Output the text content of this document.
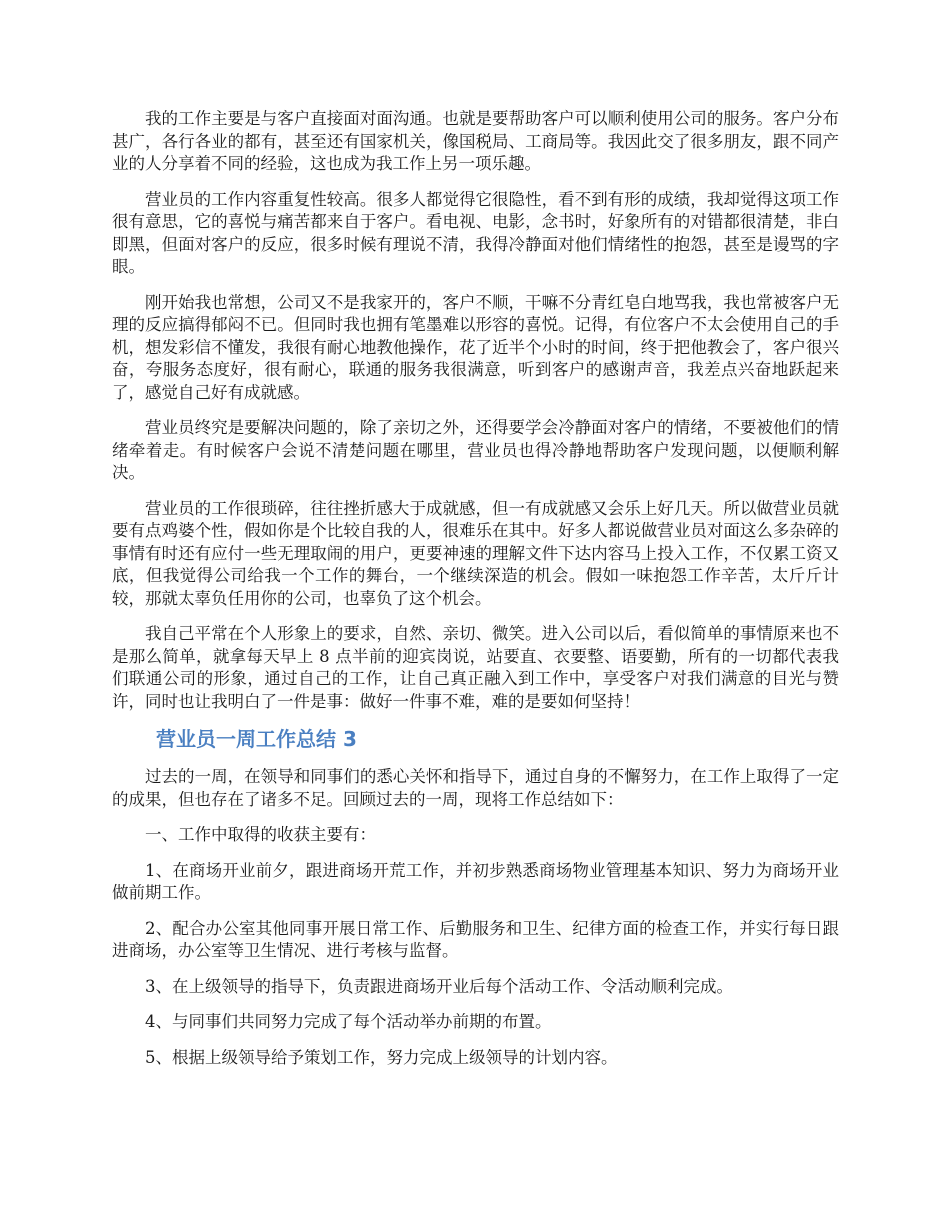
我的工作主要是与客户直接面对面沟通。也就是要帮助客户可以顺利使用公司的服务。客户分布甚广，各行各业的都有，甚至还有国家机关，像国税局、工商局等。我因此交了很多朋友，跟不同产业的人分享着不同的经验，这也成为我工作上另一项乐趣。

营业员的工作内容重复性较高。很多人都觉得它很隐性，看不到有形的成绩，我却觉得这项工作很有意思，它的喜悦与痛苦都来自于客户。看电视、电影，念书时，好象所有的对错都很清楚，非白即黑，但面对客户的反应，很多时候有理说不清，我得冷静面对他们情绪性的抱怨，甚至是谩骂的字眼。

刚开始我也常想，公司又不是我家开的，客户不顺，干嘛不分青红皂白地骂我，我也常被客户无理的反应搞得郁闷不已。但同时我也拥有笔墨难以形容的喜悦。记得，有位客户不太会使用自己的手机，想发彩信不懂发，我很有耐心地教他操作，花了近半个小时的时间，终于把他教会了，客户很兴奋，夸服务态度好，很有耐心，联通的服务我很满意，听到客户的感谢声音，我差点兴奋地跃起来了，感觉自己好有成就感。

营业员终究是要解决问题的，除了亲切之外，还得要学会冷静面对客户的情绪，不要被他们的情绪牵着走。有时候客户会说不清楚问题在哪里，营业员也得冷静地帮助客户发现问题，以便顺利解决。

营业员的工作很琐碎，往往挫折感大于成就感，但一有成就感又会乐上好几天。所以做营业员就要有点鸡婆个性，假如你是个比较自我的人，很难乐在其中。好多人都说做营业员对面这么多杂碎的事情有时还有应付一些无理取闹的用户，更要神速的理解文件下达内容马上投入工作，不仅累工资又底，但我觉得公司给我一个工作的舞台，一个继续深造的机会。假如一味抱怨工作辛苦，太斤斤计较，那就太辜负任用你的公司，也辜负了这个机会。

我自己平常在个人形象上的要求，自然、亲切、微笑。进入公司以后，看似简单的事情原来也不是那么简单，就拿每天早上 8 点半前的迎宾岗说，站要直、衣要整、语要勤，所有的一切都代表我们联通公司的形象，通过自己的工作，让自己真正融入到工作中，享受客户对我们满意的目光与赞许，同时也让我明白了一件是事：做好一件事不难，难的是要如何坚持！

营业员一周工作总结 3

过去的一周，在领导和同事们的悉心关怀和指导下，通过自身的不懈努力，在工作上取得了一定的成果，但也存在了诸多不足。回顾过去的一周，现将工作总结如下：

一、工作中取得的收获主要有：

1、在商场开业前夕，跟进商场开荒工作，并初步熟悉商场物业管理基本知识、努力为商场开业做前期工作。

2、配合办公室其他同事开展日常工作、后勤服务和卫生、纪律方面的检查工作，并实行每日跟进商场，办公室等卫生情况、进行考核与监督。

3、在上级领导的指导下，负责跟进商场开业后每个活动工作、令活动顺利完成。

4、与同事们共同努力完成了每个活动举办前期的布置。

5、根据上级领导给予策划工作，努力完成上级领导的计划内容。
